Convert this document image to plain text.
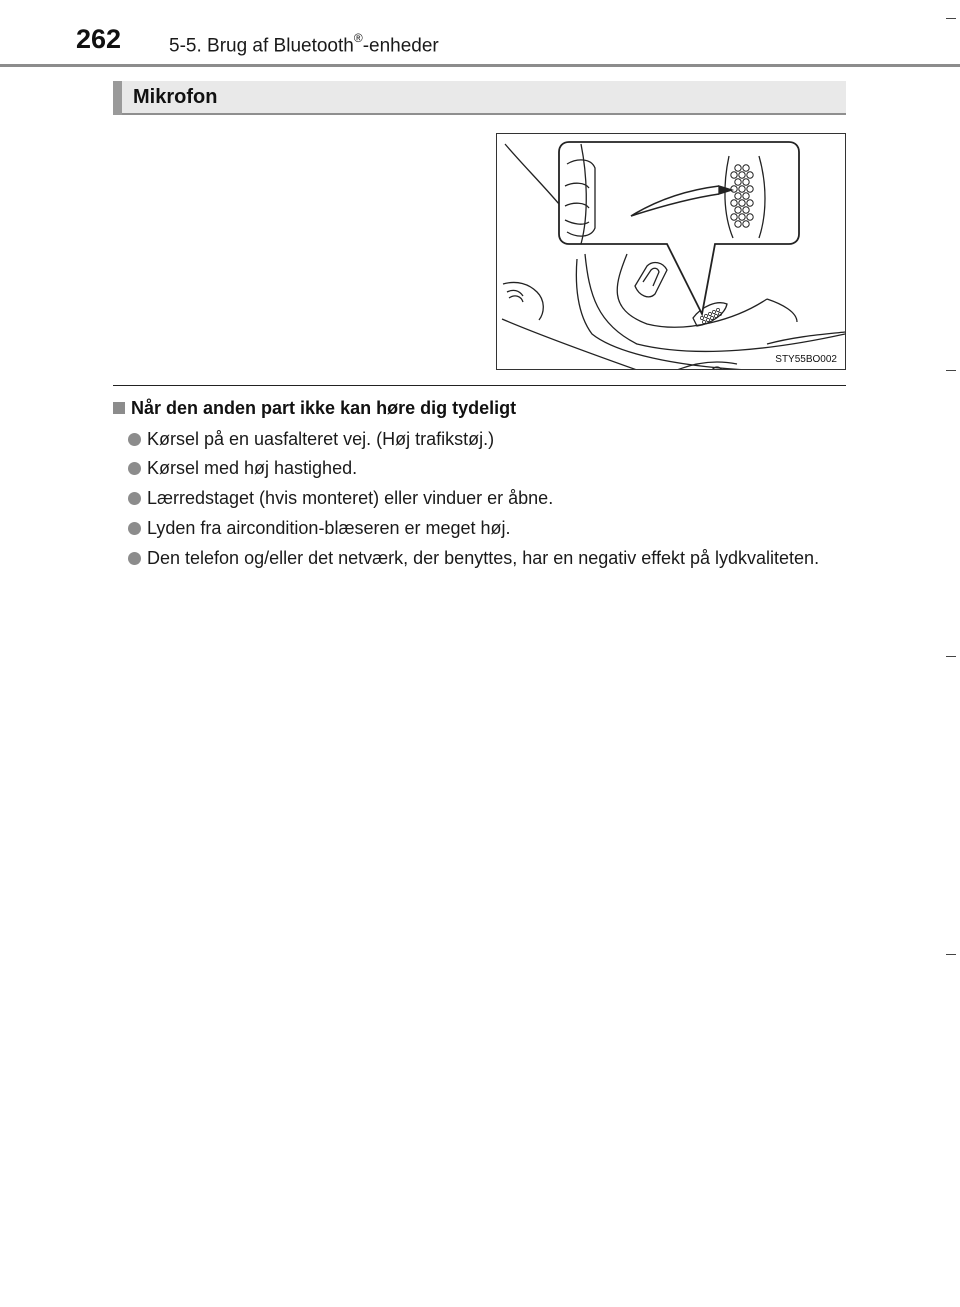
262	5-5. Brug af Bluetooth®-enheder
Mikrofon
STY55BO002
Når den anden part ikke kan høre dig tydeligt
Kørsel på en uasfalteret vej. (Høj trafikstøj.)
Kørsel med høj hastighed.
Lærredstaget (hvis monteret) eller vinduer er åbne.
Lyden fra aircondition-blæseren er meget høj.
Den telefon og/eller det netværk, der benyttes, har en negativ effekt på lydkvaliteten.
